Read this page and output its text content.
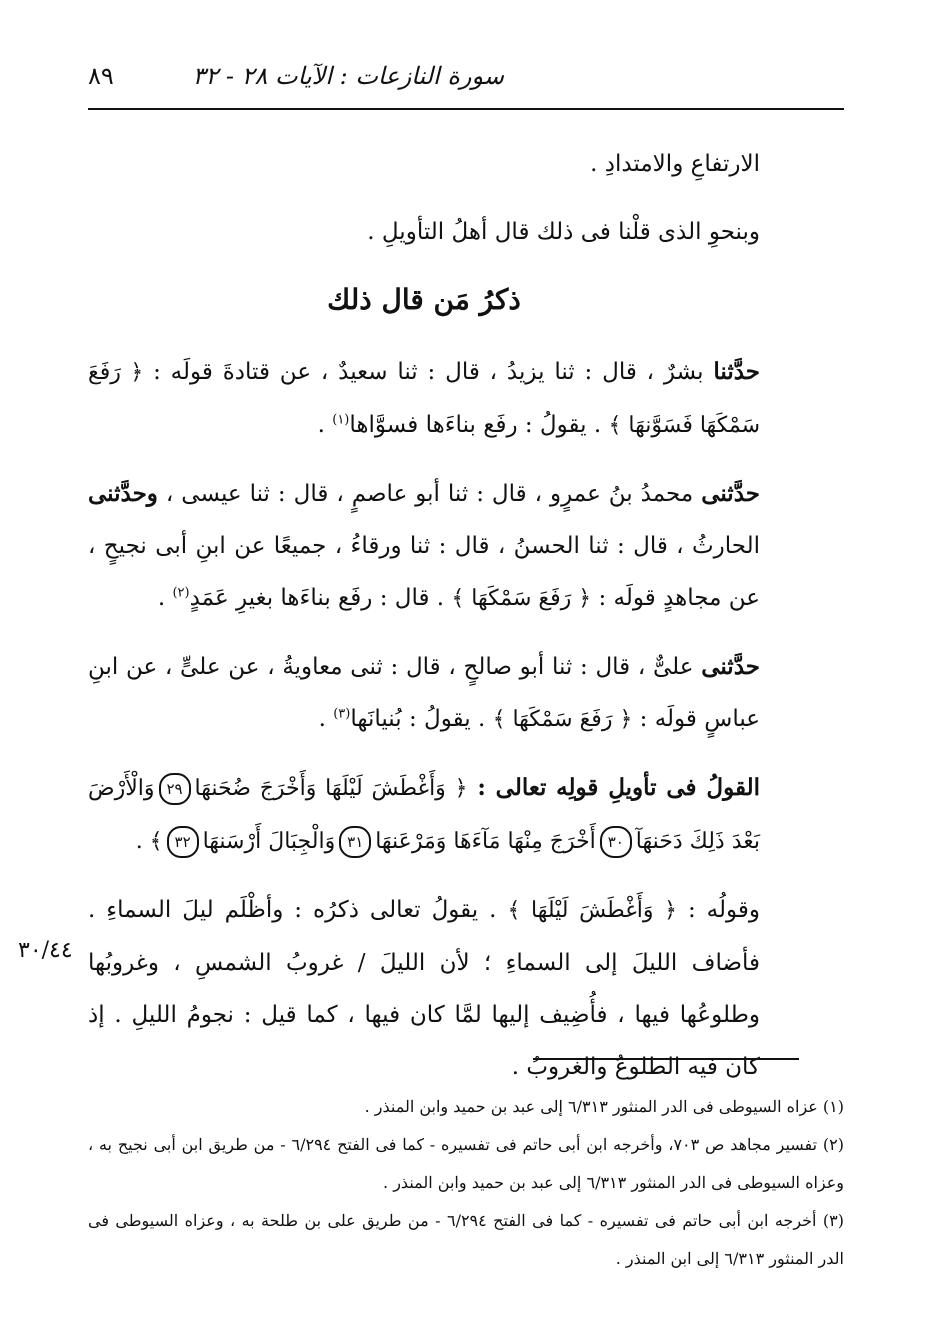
سورة النازعات : الآيات ٢٨ - ٣٢
٨٩

الارتفاعِ والامتدادِ .

وبنحوِ الذى قلْنا فى ذلك قال أهلُ التأويلِ .

ذكرُ مَن قال ذلك

حدَّثنا بشرٌ ، قال : ثنا يزيدُ ، قال : ثنا سعيدٌ ، عن قتادةَ قولَه : ﴿ رَفَعَ سَمْكَهَا فَسَوَّنهَا ﴾ . يقولُ : رفَع بناءَها فسوَّاها$^{(١)}$ .

حدَّثنى محمدُ بنُ عمرٍو ، قال : ثنا أبو عاصمٍ ، قال : ثنا عيسى ، وحدَّثنى الحارثُ ، قال : ثنا الحسنُ ، قال : ثنا ورقاءُ ، جميعًا عن ابنِ أبى نجيحٍ ، عن مجاهدٍ قولَه : ﴿ رَفَعَ سَمْكَهَا ﴾ . قال : رفَع بناءَها بغيرِ عَمَدٍ$^{(٢)}$ .

حدَّثنى علىٌّ ، قال : ثنا أبو صالحٍ ، قال : ثنى معاويةُ ، عن علىٍّ ، عن ابنِ عباسٍ قولَه : ﴿ رَفَعَ سَمْكَهَا ﴾ . يقولُ : بُنيانَها$^{(٣)}$ .

القولُ فى تأويلِ قولِه تعالى : ﴿ وَأَغْطَشَ لَيْلَهَا وَأَخْرَجَ ضُحَنهَا٢٩وَالْأَرْضَ بَعْدَ ذَلِكَ دَحَنهَآ٣٠أَخْرَجَ مِنْهَا مَآءَهَا وَمَرْعَنهَا٣١وَالْجِبَالَ أَرْسَنهَا٣٢﴾ .

وقولُه : ﴿ وَأَغْطَشَ لَيْلَهَا ﴾ . يقولُ تعالى ذكرُه : وأظْلَم ليلَ السماءِ . فأضاف الليلَ إلى السماءِ ؛ لأن الليلَ / غروبُ الشمسِ ، وغروبُها وطلوعُها فيها ، فأُضِيف إليها لمَّا كان فيها ، كما قيل : نجومُ الليلِ . إذ كان فيه الطلوعُ والغروبُ .

٣٠/٤٤

(١) عزاه السيوطى فى الدر المنثور ٦/٣١٣ إلى عبد بن حميد وابن المنذر .

(٢) تفسير مجاهد ص ٧٠٣، وأخرجه ابن أبى حاتم فى تفسيره - كما فى الفتح ٦/٢٩٤ - من طريق ابن أبى نجيح به ، وعزاه السيوطى فى الدر المنثور ٦/٣١٣ إلى عبد بن حميد وابن المنذر .

(٣) أخرجه ابن أبى حاتم فى تفسيره - كما فى الفتح ٦/٢٩٤ - من طريق على بن طلحة به ، وعزاه السيوطى فى الدر المنثور ٦/٣١٣ إلى ابن المنذر .
